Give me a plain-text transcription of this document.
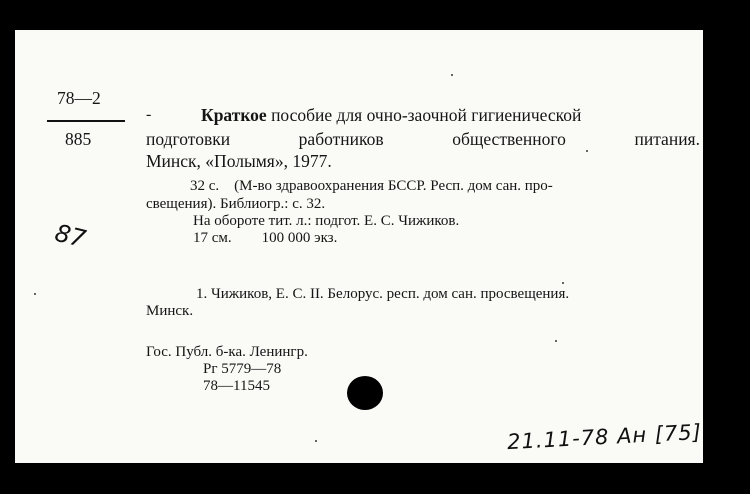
78—2
885
-	Краткое пособие для очно-заочной гигиенической
подготовки	работников	общественного	питания.
Минск, «Полымя», 1977.
32 с.    (М-во здравоохранения БССР. Респ. дом сан. про-
свещения). Библиогр.: с. 32.
На обороте тит. л.: подгот. Е. С. Чижиков.
17 см.        100 000 экз.
1. Чижиков, Е. С. II. Белорус. респ. дом сан. просвещения.
Минск.
Гос. Публ. б-ка. Ленингр.
Рг 5779—78
78—11545
87
21.11-78 Ан [75]
